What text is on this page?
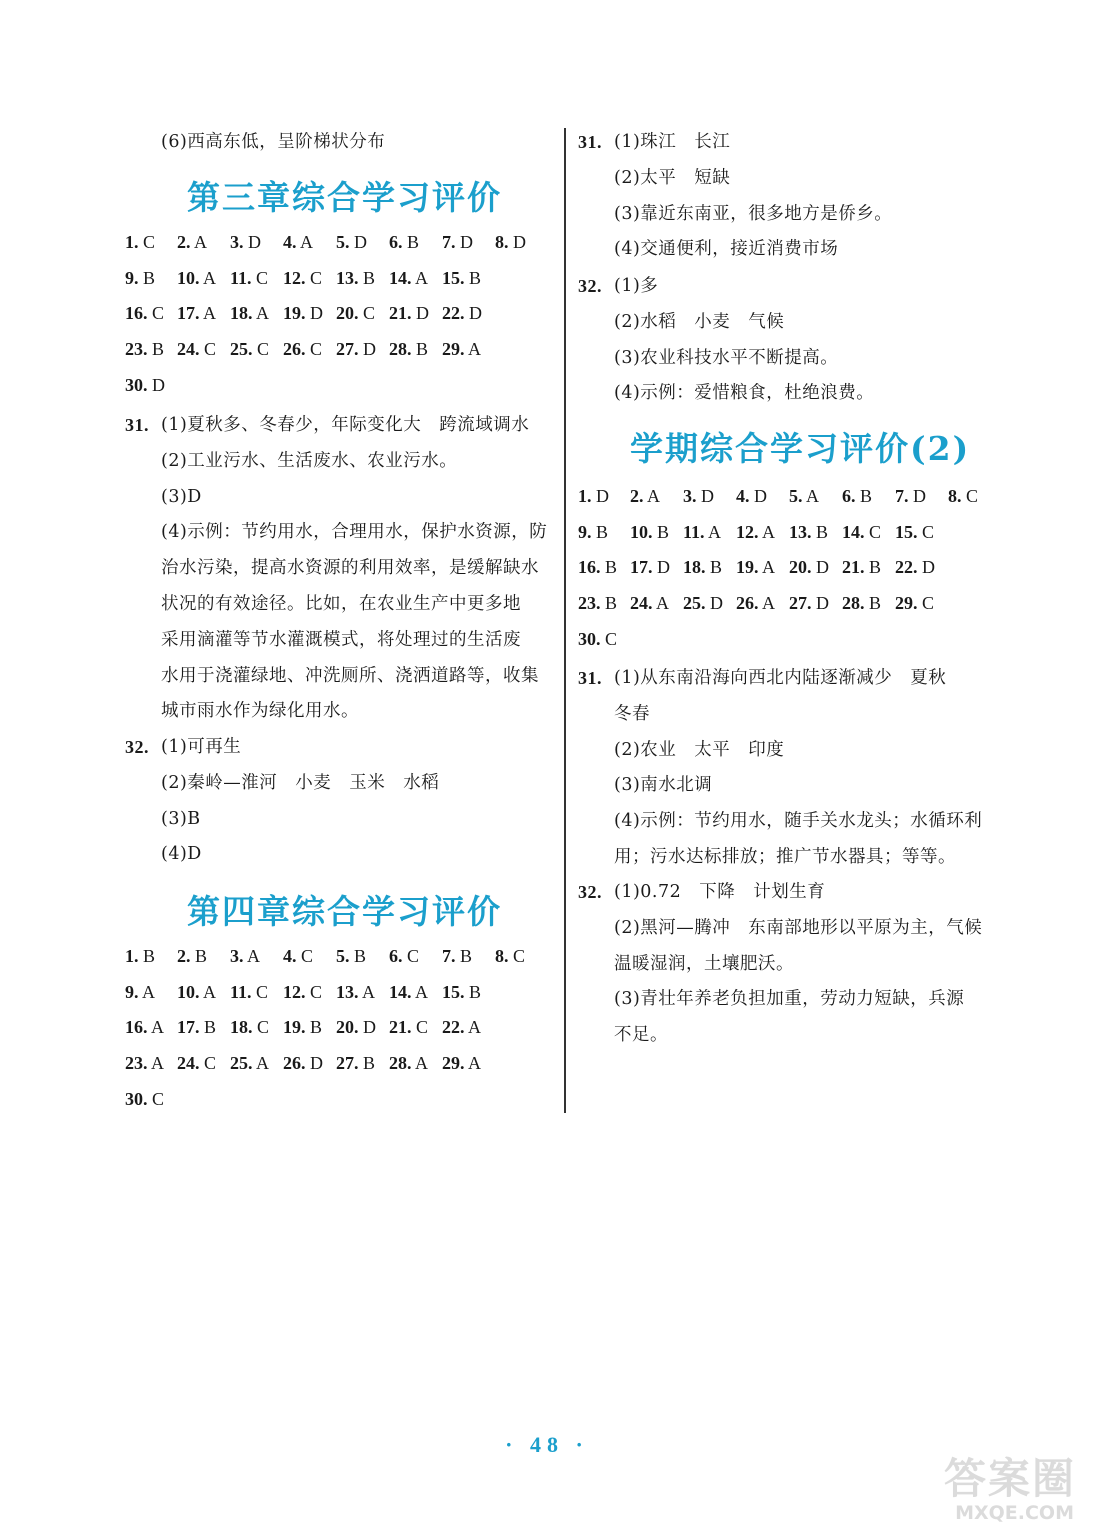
(6)西高东低，呈阶梯状分布
第三章综合学习评价
1. C 2. A 3. D 4. A 5. D 6. B 7. D 8. D
9. B 10. A 11. C 12. C 13. B 14. A 15. B
16. C 17. A 18. A 19. D 20. C 21. D 22. D
23. B 24. C 25. C 26. C 27. D 28. B 29. A
30. D
31. (1)夏秋多、冬春少，年际变化大　跨流域调水
(2)工业污水、生活废水、农业污水。
(3)D
(4)示例：节约用水，合理用水，保护水资源，防
治水污染，提高水资源的利用效率，是缓解缺水
状况的有效途径。比如，在农业生产中更多地
采用滴灌等节水灌溉模式，将处理过的生活废
水用于浇灌绿地、冲洗厕所、浇洒道路等，收集
城市雨水作为绿化用水。
32. (1)可再生
(2)秦岭—淮河　小麦　玉米　水稻
(3)B
(4)D
第四章综合学习评价
1. B 2. B 3. A 4. C 5. B 6. C 7. B 8. C
9. A 10. A 11. C 12. C 13. A 14. A 15. B
16. A 17. B 18. C 19. B 20. D 21. C 22. A
23. A 24. C 25. A 26. D 27. B 28. A 29. A
30. C
31. (1)珠江　长江
(2)太平　短缺
(3)靠近东南亚，很多地方是侨乡。
(4)交通便利，接近消费市场
32. (1)多
(2)水稻　小麦　气候
(3)农业科技水平不断提高。
(4)示例：爱惜粮食，杜绝浪费。
学期综合学习评价(2)
1. D 2. A 3. D 4. D 5. A 6. B 7. D 8. C
9. B 10. B 11. A 12. A 13. B 14. C 15. C
16. B 17. D 18. B 19. A 20. D 21. B 22. D
23. B 24. A 25. D 26. A 27. D 28. B 29. C
30. C
31. (1)从东南沿海向西北内陆逐渐减少　夏秋
冬春
(2)农业　太平　印度
(3)南水北调
(4)示例：节约用水，随手关水龙头；水循环利
用；污水达标排放；推广节水器具；等等。
32. (1)0.72　下降　计划生育
(2)黑河—腾冲　东南部地形以平原为主，气候
温暖湿润，土壤肥沃。
(3)青壮年养老负担加重，劳动力短缺，兵源
不足。
· 48 ·
答案圈
MXQE.COM
